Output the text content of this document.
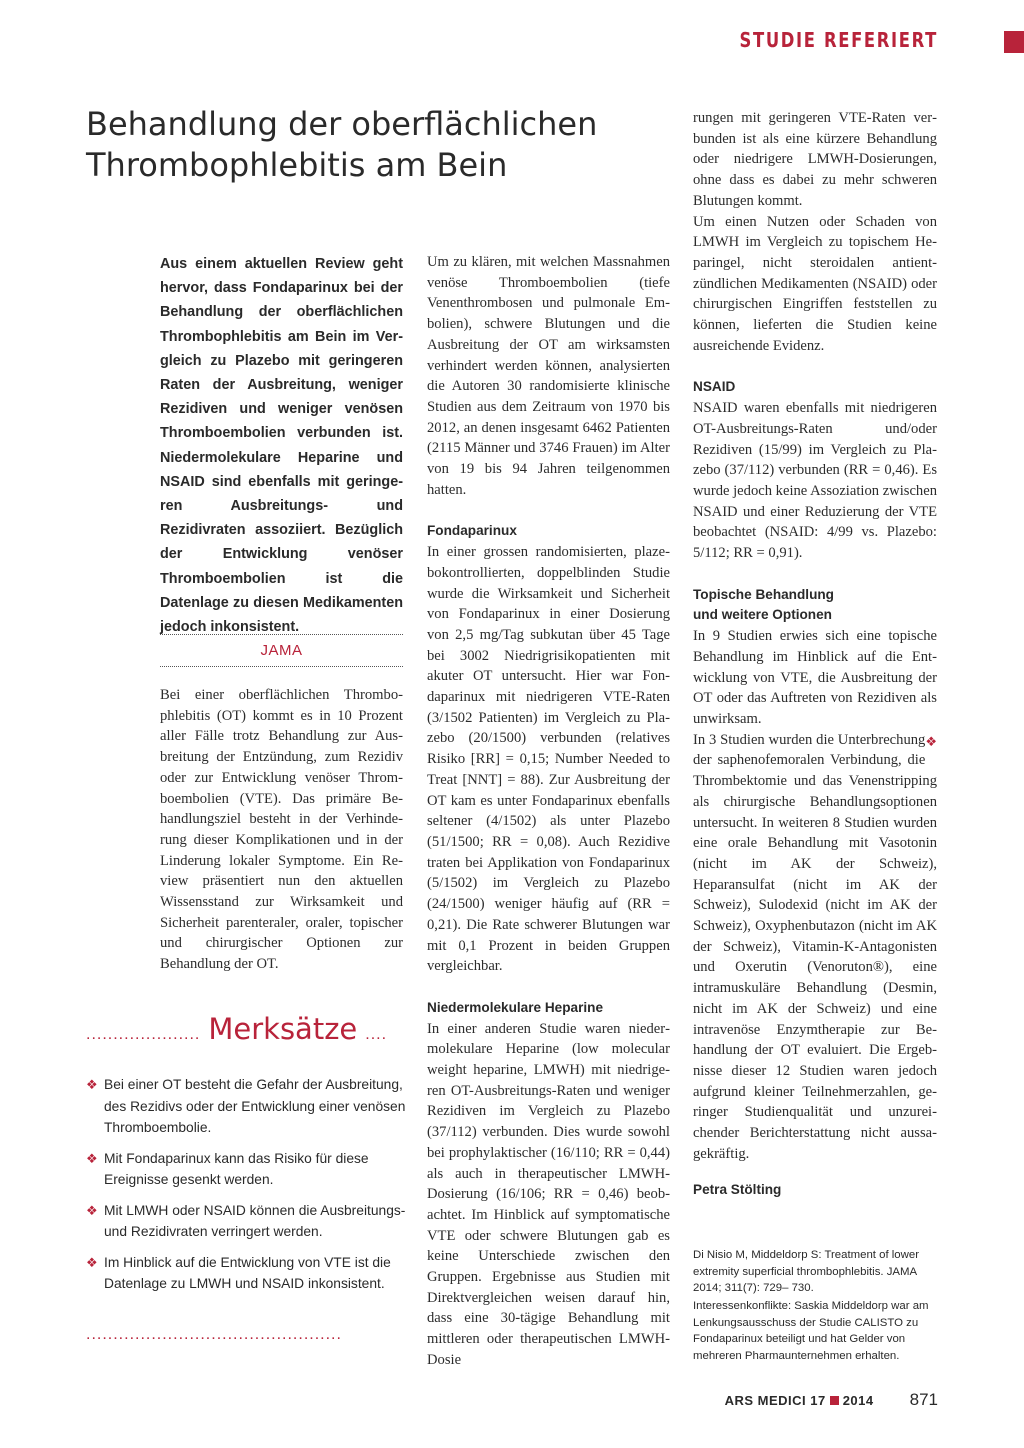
STUDIE REFERIERT
Behandlung der oberflächlichen
Thrombophlebitis am Bein

Aus einem aktuellen Review geht hervor, dass Fondaparinux bei der Behandlung der oberflächlichen Thrombophlebitis am Bein im Vergleich zu Plazebo mit geringeren Raten der Ausbreitung, weniger Rezidiven und weniger venösen Thromboembolien verbunden ist. Niedermolekulare Heparine und NSAID sind ebenfalls mit geringeren Ausbreitungs- und Rezidivraten assoziiert. Bezüglich der Entwicklung venöser Thromboembolien ist die Datenlage zu diesen Medikamenten jedoch inkonsistent.

JAMA

Bei einer oberflächlichen Thrombophlebitis (OT) kommt es in 10 Prozent aller Fälle trotz Behandlung zur Ausbreitung der Entzündung, zum Rezidiv oder zur Entwicklung venöser Thromboembolien (VTE). Das primäre Behandlungsziel besteht in der Verhinderung dieser Komplikationen und in der Linderung lokaler Symptome. Ein Review präsentiert nun den aktuellen Wissensstand zur Wirksamkeit und Sicherheit parenteraler, oraler, topischer und chirurgischer Optionen zur Behandlung der OT.

..................... Merksätze ....
❖ Bei einer OT besteht die Gefahr der Ausbreitung, des Rezidivs oder der Entwicklung einer venösen Thromboembolie.
❖ Mit Fondaparinux kann das Risiko für diese Ereignisse gesenkt werden.
❖ Mit LMWH oder NSAID können die Ausbreitungs- und Rezidivraten verringert werden.
❖ Im Hinblick auf die Entwicklung von VTE ist die Datenlage zu LMWH und NSAID inkonsistent.
...............................................

Um zu klären, mit welchen Massnahmen venöse Thromboembolien (tiefe Venenthrombosen und pulmonale Embolien), schwere Blutungen und die Ausbreitung der OT am wirksamsten verhindert werden können, analysierten die Autoren 30 randomisierte klinische Studien aus dem Zeitraum von 1970 bis 2012, an denen insgesamt 6462 Patienten (2115 Männer und 3746 Frauen) im Alter von 19 bis 94 Jahren teilgenommen hatten.

Fondaparinux

In einer grossen randomisierten, plazebokontrollierten, doppelblinden Studie wurde die Wirksamkeit und Sicherheit von Fondaparinux in einer Dosierung von 2,5 mg/Tag subkutan über 45 Tage bei 3002 Niedrigrisikopatienten mit akuter OT untersucht. Hier war Fondaparinux mit niedrigeren VTE-Raten (3/1502 Patienten) im Vergleich zu Plazebo (20/1500) verbunden (relatives Risiko [RR] = 0,15; Number Needed to Treat [NNT] = 88). Zur Ausbreitung der OT kam es unter Fondaparinux ebenfalls seltener (4/1502) als unter Plazebo (51/1500; RR = 0,08). Auch Rezidive traten bei Applikation von Fondaparinux (5/1502) im Vergleich zu Plazebo (24/1500) weniger häufig auf (RR = 0,21). Die Rate schwerer Blutungen war mit 0,1 Prozent in beiden Gruppen vergleichbar.

Niedermolekulare Heparine

In einer anderen Studie waren niedermolekulare Heparine (low molecular weight heparine, LMWH) mit niedrigeren OT-Ausbreitungs-Raten und weniger Rezidiven im Vergleich zu Plazebo (37/112) verbunden. Dies wurde sowohl bei prophylaktischer (16/110; RR = 0,44) als auch in therapeutischer LMWH-Dosierung (16/106; RR = 0,46) beobachtet. Im Hinblick auf symptomatische VTE oder schwere Blutungen gab es keine Unterschiede zwischen den Gruppen. Ergebnisse aus Studien mit Direktvergleichen weisen darauf hin, dass eine 30-tägige Behandlung mit mittleren oder therapeutischen LMWH-Dosie

rungen mit geringeren VTE-Raten verbunden ist als eine kürzere Behandlung oder niedrigere LMWH-Dosierungen, ohne dass es dabei zu mehr schweren Blutungen kommt.

Um einen Nutzen oder Schaden von LMWH im Vergleich zu topischem Heparingel, nicht steroidalen antientzündlichen Medikamenten (NSAID) oder chirurgischen Eingriffen feststellen zu können, lieferten die Studien keine ausreichende Evidenz.

NSAID

NSAID waren ebenfalls mit niedrigeren OT-Ausbreitungs-Raten und/oder Rezidiven (15/99) im Vergleich zu Plazebo (37/112) verbunden (RR = 0,46). Es wurde jedoch keine Assoziation zwischen NSAID und einer Reduzierung der VTE beobachtet (NSAID: 4/99 vs. Plazebo: 5/112; RR = 0,91).

Topische Behandlung
und weitere Optionen

In 9 Studien erwies sich eine topische Behandlung im Hinblick auf die Entwicklung von VTE, die Ausbreitung der OT oder das Auftreten von Rezidiven als unwirksam.

❖
In 3 Studien wurden die Unterbrechung der saphenofemoralen Verbindung, die Thrombektomie und das Venenstripping als chirurgische Behandlungsoptionen untersucht. In weiteren 8 Studien wurden eine orale Behandlung mit Vasotonin (nicht im AK der Schweiz), Heparansulfat (nicht im AK der Schweiz), Sulodexid (nicht im AK der Schweiz), Oxyphenbutazon (nicht im AK der Schweiz), Vitamin-K-Antagonisten und Oxerutin (Venoruton®), eine intramuskuläre Behandlung (Desmin, nicht im AK der Schweiz) und eine intravenöse Enzymtherapie zur Behandlung der OT evaluiert. Die Ergebnisse dieser 12 Studien waren jedoch aufgrund kleiner Teilnehmerzahlen, geringer Studienqualität und unzureichender Berichterstattung nicht aussagekräftig.

Petra Stölting

Di Nisio M, Middeldorp S: Treatment of lower extremity superficial thrombophlebitis. JAMA 2014; 311(7): 729– 730.

Interessenkonflikte: Saskia Middeldorp war am Lenkungsausschuss der Studie CALISTO zu Fondaparinux beteiligt und hat Gelder von mehreren Pharmaunternehmen erhalten.

ARS MEDICI 17 2014 871
